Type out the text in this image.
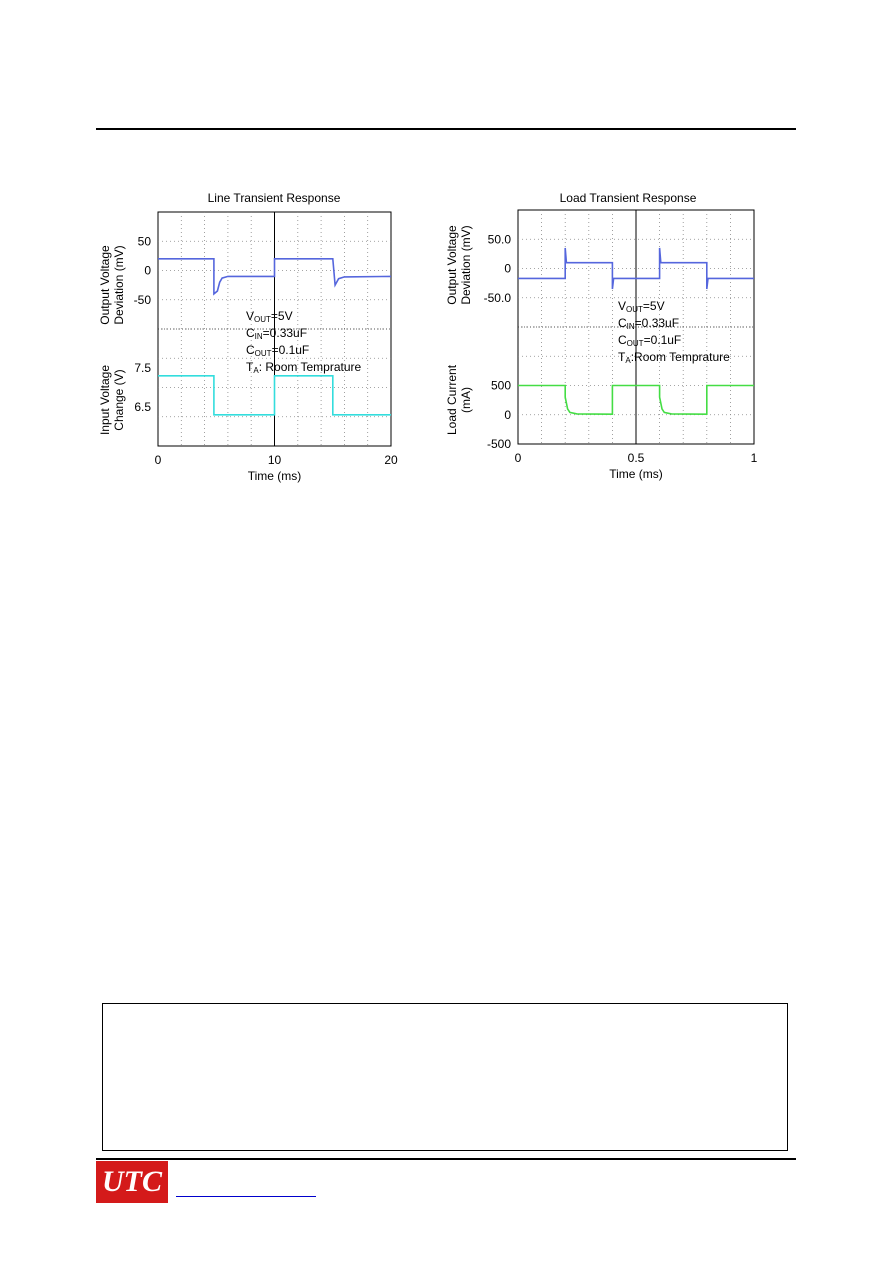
Line Transient Response
50
0
-50
Output Voltage Deviation (mV)
7.5
6.5
Input Voltage Change (V)
0	10	20
Time (ms)
VOUT=5V
CIN=0.33uF
COUT=0.1uF
TA: Room Temprature
Load Transient Response
50.0
0
-50.0
Output Voltage Deviation (mV)
500
0
-500
Load Current (mA)
0	0.5	1
Time (ms)
VOUT=5V
CIN=0.33uF
COUT=0.1uF
TA:Room Temprature
UTC
